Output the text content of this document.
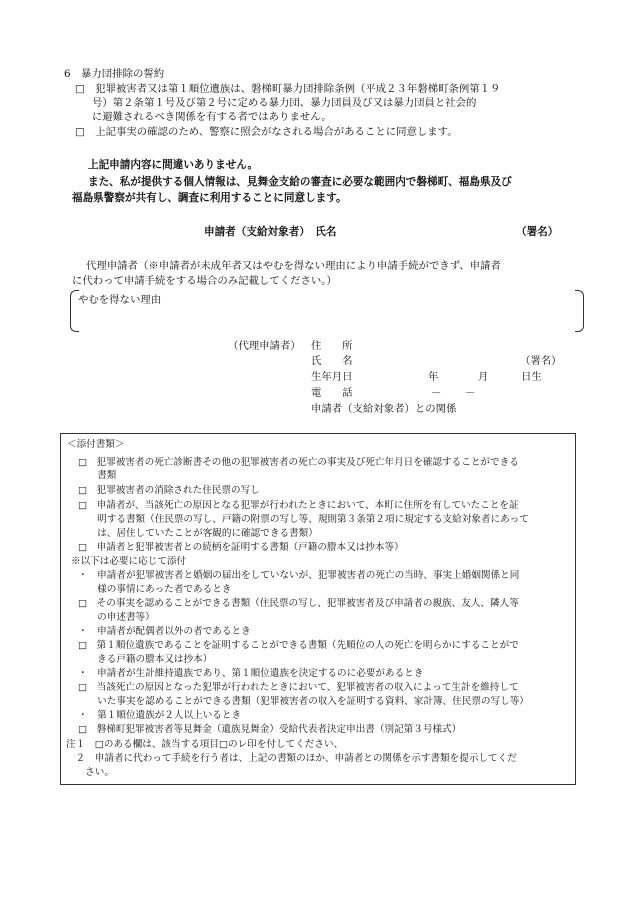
6　暴力団排除の誓約
□　犯罪被害者又は第１順位遺族は、磐梯町暴力団排除条例（平成２３年磐梯町条例第１９
号）第２条第１号及び第２号に定める暴力団、暴力団員及び又は暴力団員と社会的
に避難されるべき関係を有する者ではありません。
□　上記事実の確認のため、警察に照会がなされる場合があることに同意します。
上記申請内容に間違いありません。
また、私が提供する個人情報は、見舞金支給の審査に必要な範囲内で磐梯町、福島県及び
福島県警察が共有し、調査に利用することに同意します。
申請者（支給対象者）　氏名	（署名）
代理申請者（※申請者が未成年者又はやむを得ない理由により申請手続ができず、申請者
に代わって申請手続をする場合のみ記載してください。）
やむを得ない理由
（代理申請者） 住　　所
氏　　名	（署名）
生年月日	年	月	日生
電　　話	－ －
申請者（支給対象者）との関係
＜添付書類＞
□　犯罪被害者の死亡診断書その他の犯罪被害者の死亡の事実及び死亡年月日を確認することができる
　　書類
□　犯罪被害者の消除された住民票の写し
□　申請者が、当該死亡の原因となる犯罪が行われたときにおいて、本町に住所を有していたことを証
　　明する書類（住民票の写し、戸籍の附票の写し等、規則第３条第２項に規定する支給対象者にあって
　　は、居住していたことが客観的に確認できる書類）
□　申請者と犯罪被害者との続柄を証明する書類（戸籍の謄本又は抄本等）
※以下は必要に応じて添付
・　申請者が犯罪被害者と婚姻の届出をしていないが、犯罪被害者の死亡の当時、事実上婚姻関係と同
　　様の事情にあった者であるとき
□　その事実を認めることができる書類（住民票の写し、犯罪被害者及び申請者の親族、友人、隣人等
　　の申述書等）
・　申請者が配偶者以外の者であるとき
□　第１順位遺族であることを証明することができる書類（先順位の人の死亡を明らかにすることがで
　　きる戸籍の謄本又は抄本）
・　申請者が生計維持遺族であり、第１順位遺族を決定するのに必要があるとき
□　当該死亡の原因となった犯罪が行われたときにおいて、犯罪被害者の収入によって生計を維持して
　　いた事実を認めることができる書類（犯罪被害者の収入を証明する資料、家計簿、住民票の写し等）
・　第１順位遺族が２人以上いるとき
□　磐梯町犯罪被害者等見舞金（遺族見舞金）受給代表者決定申出書（別記第３号様式）
注１　□のある欄は、該当する項目□のレ印を付してください、
　２　申請者に代わって手続を行う者は、上記の書類のほか、申請者との関係を示す書類を提示してくだ
　　さい。
